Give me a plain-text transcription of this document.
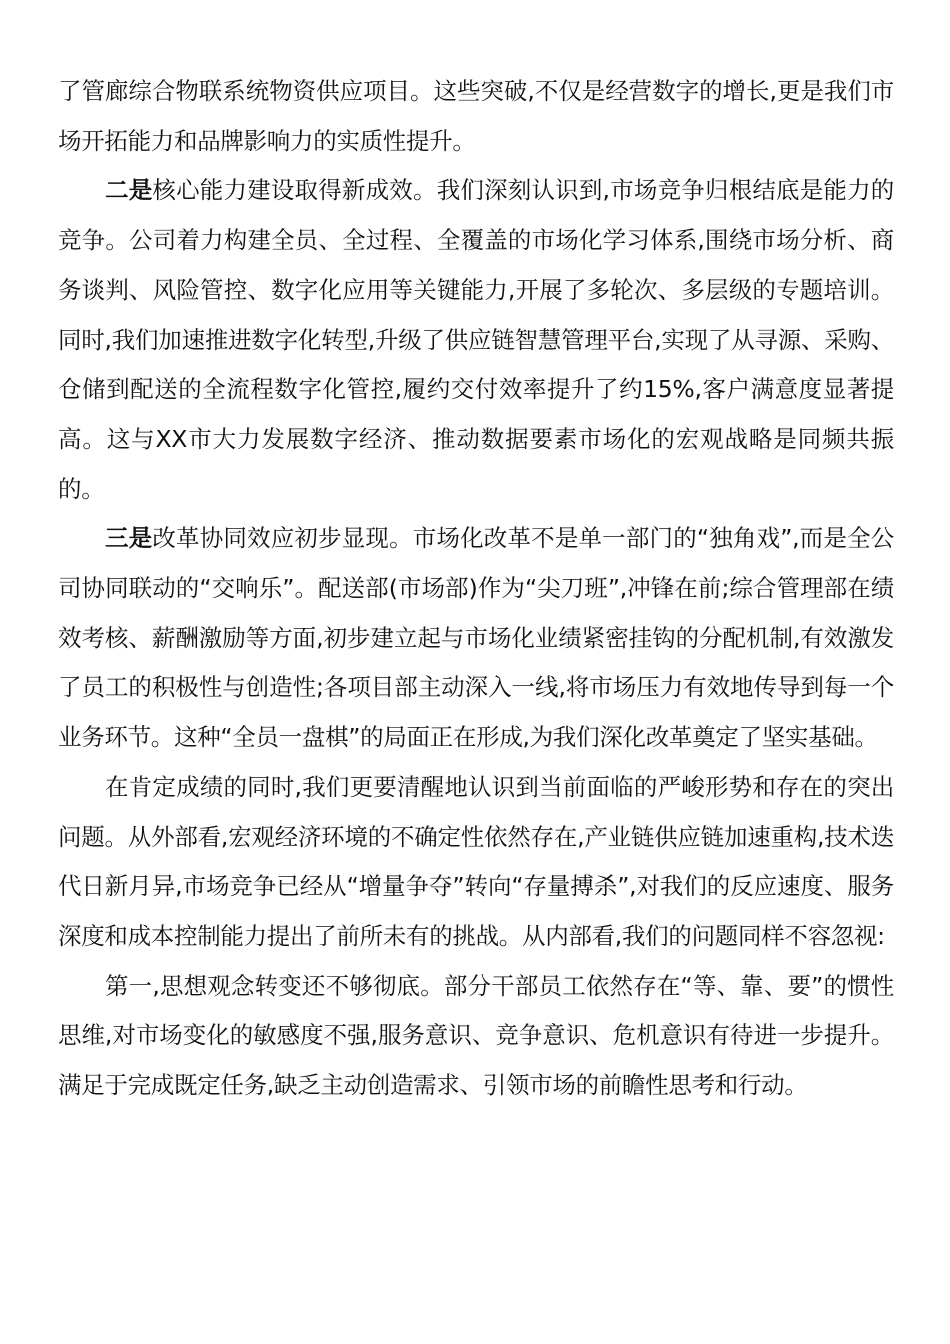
了管廊综合物联系统物资供应项目。这些突破,不仅是经营数字的增长,更是我们市场开拓能力和品牌影响力的实质性提升。

二是核心能力建设取得新成效。我们深刻认识到,市场竞争归根结底是能力的竞争。公司着力构建全员、全过程、全覆盖的市场化学习体系,围绕市场分析、商务谈判、风险管控、数字化应用等关键能力,开展了多轮次、多层级的专题培训。同时,我们加速推进数字化转型,升级了供应链智慧管理平台,实现了从寻源、采购、仓储到配送的全流程数字化管控,履约交付效率提升了约15%,客户满意度显著提高。这与XX市大力发展数字经济、推动数据要素市场化的宏观战略是同频共振的。

三是改革协同效应初步显现。市场化改革不是单一部门的“独角戏”,而是全公司协同联动的“交响乐”。配送部(市场部)作为“尖刀班”,冲锋在前;综合管理部在绩效考核、薪酬激励等方面,初步建立起与市场化业绩紧密挂钩的分配机制,有效激发了员工的积极性与创造性;各项目部主动深入一线,将市场压力有效地传导到每一个业务环节。这种“全员一盘棋”的局面正在形成,为我们深化改革奠定了坚实基础。

在肯定成绩的同时,我们更要清醒地认识到当前面临的严峻形势和存在的突出问题。从外部看,宏观经济环境的不确定性依然存在,产业链供应链加速重构,技术迭代日新月异,市场竞争已经从“增量争夺”转向“存量搏杀”,对我们的反应速度、服务深度和成本控制能力提出了前所未有的挑战。从内部看,我们的问题同样不容忽视:

第一,思想观念转变还不够彻底。部分干部员工依然存在“等、靠、要”的惯性思维,对市场变化的敏感度不强,服务意识、竞争意识、危机意识有待进一步提升。满足于完成既定任务,缺乏主动创造需求、引领市场的前瞻性思考和行动。
